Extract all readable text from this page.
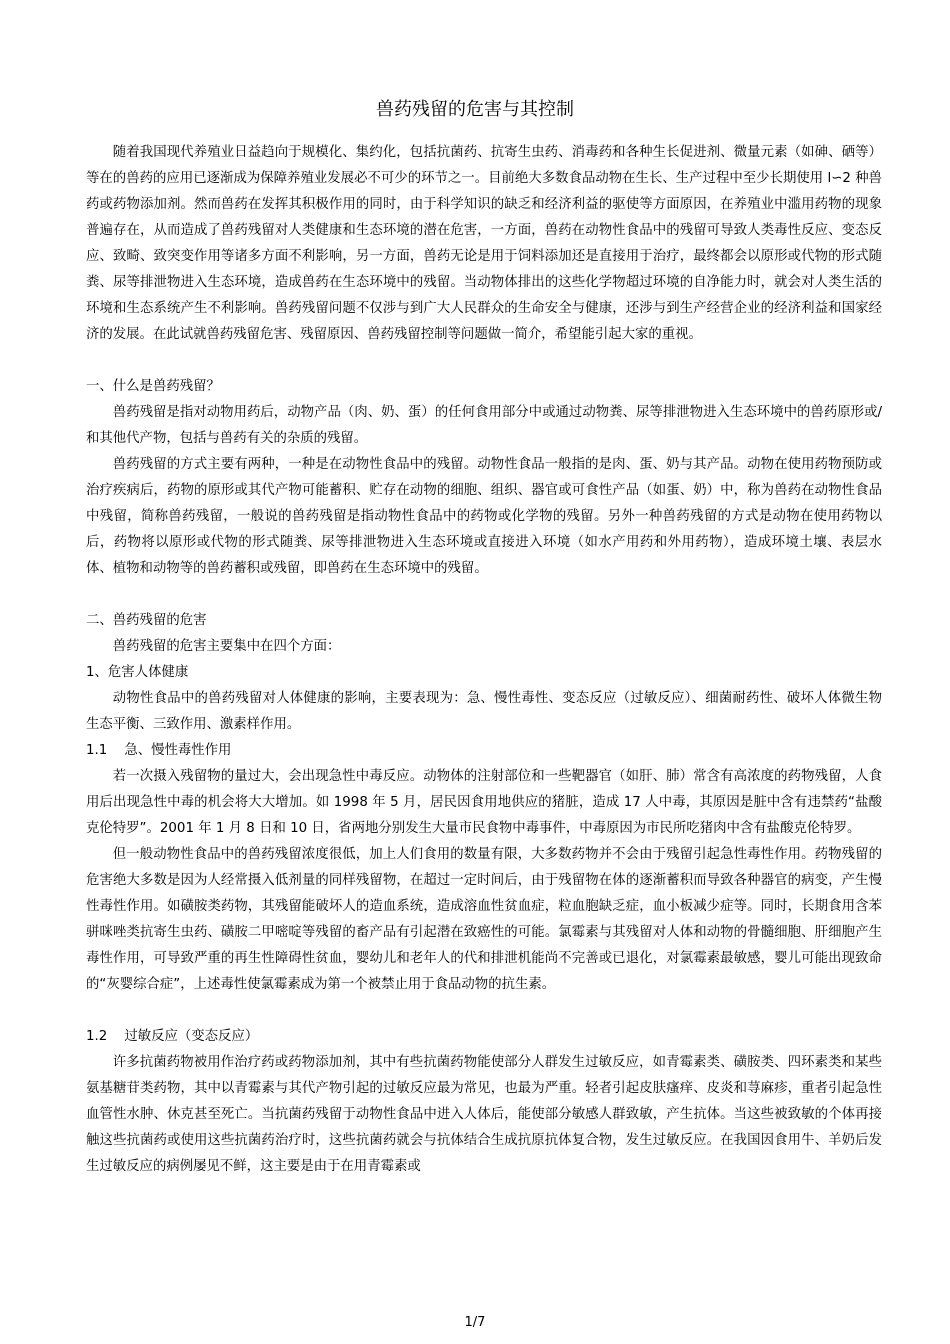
兽药残留的危害与其控制

随着我国现代养殖业日益趋向于规模化、集约化，包括抗菌药、抗寄生虫药、消毒药和各种生长促进剂、微量元素（如砷、硒等）等在的兽药的应用已逐渐成为保障养殖业发展必不可少的环节之一。目前绝大多数食品动物在生长、生产过程中至少长期使用 l∽2 种兽药或药物添加剂。然而兽药在发挥其积极作用的同时，由于科学知识的缺乏和经济利益的驱使等方面原因，在养殖业中滥用药物的现象普遍存在，从而造成了兽药残留对人类健康和生态环境的潜在危害，一方面，兽药在动物性食品中的残留可导致人类毒性反应、变态反应、致畸、致突变作用等诸多方面不利影响，另一方面，兽药无论是用于饲料添加还是直接用于治疗，最终都会以原形或代物的形式随粪、尿等排泄物进入生态环境，造成兽药在生态环境中的残留。当动物体排出的这些化学物超过环境的自净能力时，就会对人类生活的环境和生态系统产生不利影响。兽药残留问题不仅涉与到广大人民群众的生命安全与健康，还涉与到生产经营企业的经济利益和国家经济的发展。在此试就兽药残留危害、残留原因、兽药残留控制等问题做一简介，希望能引起大家的重视。

一、什么是兽药残留？

兽药残留是指对动物用药后，动物产品（肉、奶、蛋）的任何食用部分中或通过动物粪、尿等排泄物进入生态环境中的兽药原形或/和其他代产物，包括与兽药有关的杂质的残留。

兽药残留的方式主要有两种，一种是在动物性食品中的残留。动物性食品一般指的是肉、蛋、奶与其产品。动物在使用药物预防或治疗疾病后，药物的原形或其代产物可能蓄积、贮存在动物的细胞、组织、器官或可食性产品（如蛋、奶）中，称为兽药在动物性食品中残留，简称兽药残留，一般说的兽药残留是指动物性食品中的药物或化学物的残留。另外一种兽药残留的方式是动物在使用药物以后，药物将以原形或代物的形式随粪、尿等排泄物进入生态环境或直接进入环境（如水产用药和外用药物），造成环境土壤、表层水体、植物和动物等的兽药蓄积或残留，即兽药在生态环境中的残留。

二、兽药残留的危害

兽药残留的危害主要集中在四个方面：

1、危害人体健康

动物性食品中的兽药残留对人体健康的影响，主要表现为：急、慢性毒性、变态反应（过敏反应）、细菌耐药性、破坏人体微生物生态平衡、三致作用、激素样作用。

1.1    急、慢性毒性作用

若一次摄入残留物的量过大，会出现急性中毒反应。动物体的注射部位和一些靶器官（如肝、肺）常含有高浓度的药物残留，人食用后出现急性中毒的机会将大大增加。如 1998 年 5 月，居民因食用地供应的猪脏，造成 17 人中毒，其原因是脏中含有违禁药“盐酸克伦特罗”。2001 年 1 月 8 日和 10 日，省两地分别发生大量市民食物中毒事件，中毒原因为市民所吃猪肉中含有盐酸克伦特罗。

但一般动物性食品中的兽药残留浓度很低，加上人们食用的数量有限，大多数药物并不会由于残留引起急性毒性作用。药物残留的危害绝大多数是因为人经常摄入低剂量的同样残留物，在超过一定时间后，由于残留物在体的逐渐蓄积而导致各种器官的病变，产生慢性毒性作用。如磺胺类药物，其残留能破坏人的造血系统，造成溶血性贫血症，粒血胞缺乏症，血小板减少症等。同时，长期食用含苯骈咪唑类抗寄生虫药、磺胺二甲嘧啶等残留的畜产品有引起潜在致癌性的可能。氯霉素与其残留对人体和动物的骨髓细胞、肝细胞产生毒性作用，可导致严重的再生性障碍性贫血，婴幼儿和老年人的代和排泄机能尚不完善或已退化，对氯霉素最敏感，婴儿可能出现致命的“灰婴综合症”，上述毒性使氯霉素成为第一个被禁止用于食品动物的抗生素。

1.2    过敏反应（变态反应）

许多抗菌药物被用作治疗药或药物添加剂，其中有些抗菌药物能使部分人群发生过敏反应，如青霉素类、磺胺类、四环素类和某些氨基糖苷类药物，其中以青霉素与其代产物引起的过敏反应最为常见，也最为严重。轻者引起皮肤瘙痒、皮炎和荨麻疹，重者引起急性血管性水肿、休克甚至死亡。当抗菌药残留于动物性食品中进入人体后，能使部分敏感人群致敏，产生抗体。当这些被致敏的个体再接触这些抗菌药或使用这些抗菌药治疗时，这些抗菌药就会与抗体结合生成抗原抗体复合物，发生过敏反应。在我国因食用牛、羊奶后发生过敏反应的病例屡见不鲜，这主要是由于在用青霉素或

1/7
